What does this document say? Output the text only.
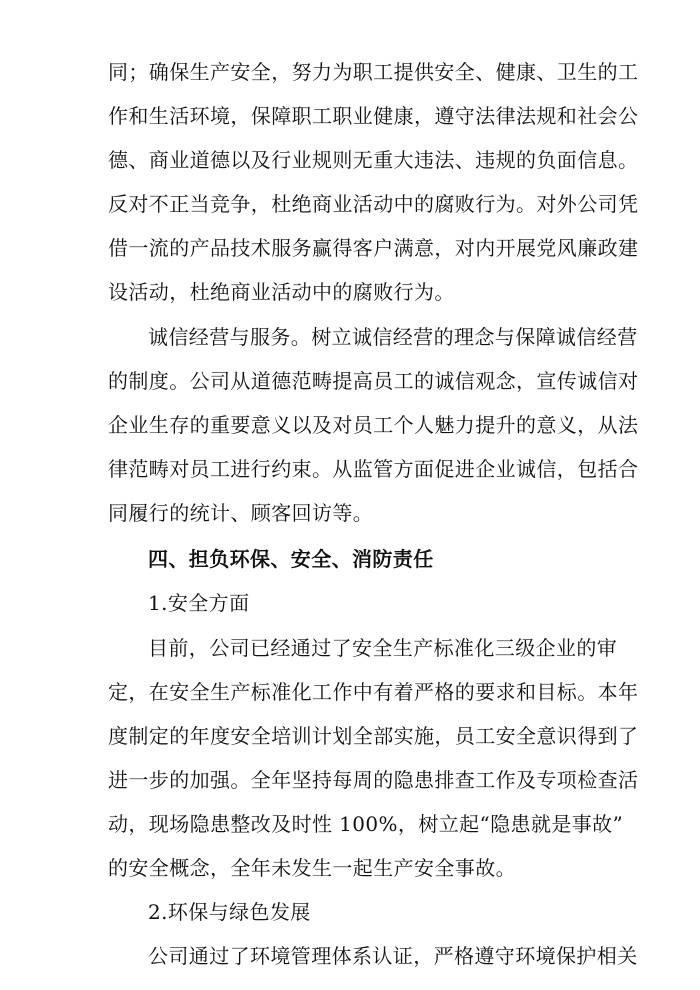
同；确保生产安全，努力为职工提供安全、健康、卫生的工
作和生活环境，保障职工职业健康，遵守法律法规和社会公
德、商业道德以及行业规则无重大违法、违规的负面信息。
反对不正当竞争，杜绝商业活动中的腐败行为。对外公司凭
借一流的产品技术服务赢得客户满意，对内开展党风廉政建
设活动，杜绝商业活动中的腐败行为。
诚信经营与服务。树立诚信经营的理念与保障诚信经营
的制度。公司从道德范畴提高员工的诚信观念，宣传诚信对
企业生存的重要意义以及对员工个人魅力提升的意义，从法
律范畴对员工进行约束。从监管方面促进企业诚信，包括合
同履行的统计、顾客回访等。
四、担负环保、安全、消防责任
1.安全方面
目前，公司已经通过了安全生产标准化三级企业的审
定，在安全生产标准化工作中有着严格的要求和目标。本年
度制定的年度安全培训计划全部实施，员工安全意识得到了
进一步的加强。全年坚持每周的隐患排查工作及专项检查活
动，现场隐患整改及时性 100%，树立起“隐患就是事故”
的安全概念，全年未发生一起生产安全事故。
2.环保与绿色发展
公司通过了环境管理体系认证，严格遵守环境保护相关
